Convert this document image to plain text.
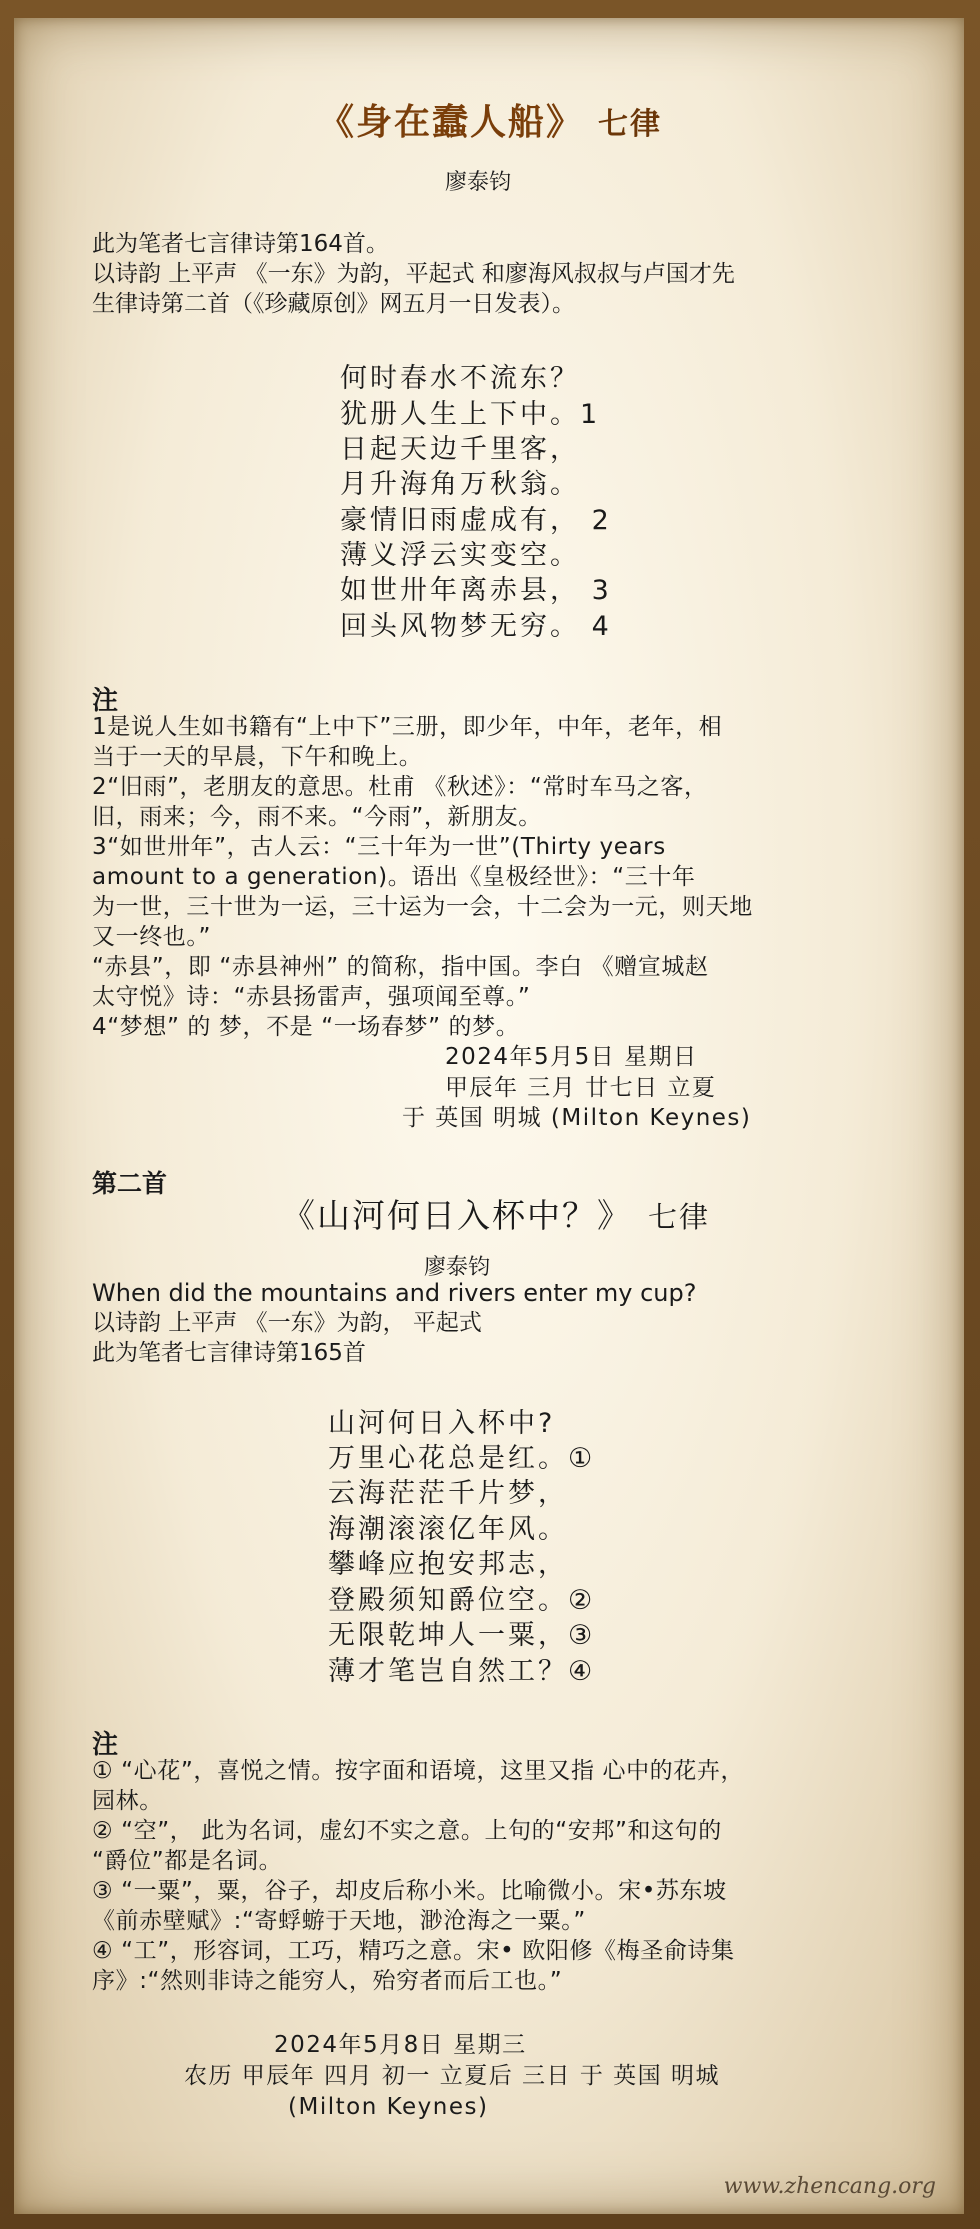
《身在蠢人船》 七律
廖泰钧
此为笔者七言律诗第164首。
以诗韵 上平声 《一东》为韵，平起式 和廖海风叔叔与卢国才先
生律诗第二首（《珍藏原创》网五月一日发表）。
何时春水不流东？
犹册人生上下中。1
日起天边千里客，
月升海角万秋翁。
豪情旧雨虚成有， 2
薄义浮云实变空。
如世卅年离赤县， 3
回头风物梦无穷。 4
注
1是说人生如书籍有“上中下”三册，即少年，中年，老年，相
当于一天的早晨，下午和晚上。
2“旧雨”，老朋友的意思。杜甫 《秋述》：“常时车马之客，
旧，雨来；今，雨不来。“今雨”，新朋友。
3“如世卅年”，古人云：“三十年为一世”(Thirty years
amount to a generation)。语出《皇极经世》：“三十年
为一世，三十世为一运，三十运为一会，十二会为一元，则天地
又一终也。”
“赤县”，即 “赤县神州” 的简称，指中国。李白 《赠宣城赵
太守悦》诗：“赤县扬雷声，强项闻至尊。”
4“梦想” 的 梦，不是 “一场春梦” 的梦。
2024年5月5日 星期日
甲辰年 三月 廿七日 立夏
于 英国 明城 (Milton Keynes)
第二首
《山河何日入杯中？》 七律
廖泰钧
When did the mountains and rivers enter my cup?
以诗韵 上平声 《一东》为韵， 平起式
此为笔者七言律诗第165首
山河何日入杯中?
万里心花总是红。①
云海茫茫千片梦，
海潮滚滚亿年风。
攀峰应抱安邦志，
登殿须知爵位空。②
无限乾坤人一粟，③
薄才笔岂自然工？④
注
① “心花”，喜悦之情。按字面和语境，这里又指 心中的花卉，
园林。
② “空”， 此为名词，虚幻不实之意。上句的“安邦”和这句的
“爵位”都是名词。
③ “一粟”，粟，谷子，却皮后称小米。比喻微小。宋•苏东坡
《前赤壁赋》:“寄蜉蝣于天地，渺沧海之一粟。”
④ “工”，形容词，工巧，精巧之意。宋• 欧阳修《梅圣俞诗集
序》:“然则非诗之能穷人，殆穷者而后工也。”
2024年5月8日 星期三
农历 甲辰年 四月 初一 立夏后 三日 于 英国 明城
(Milton Keynes)
www.zhencang.org
